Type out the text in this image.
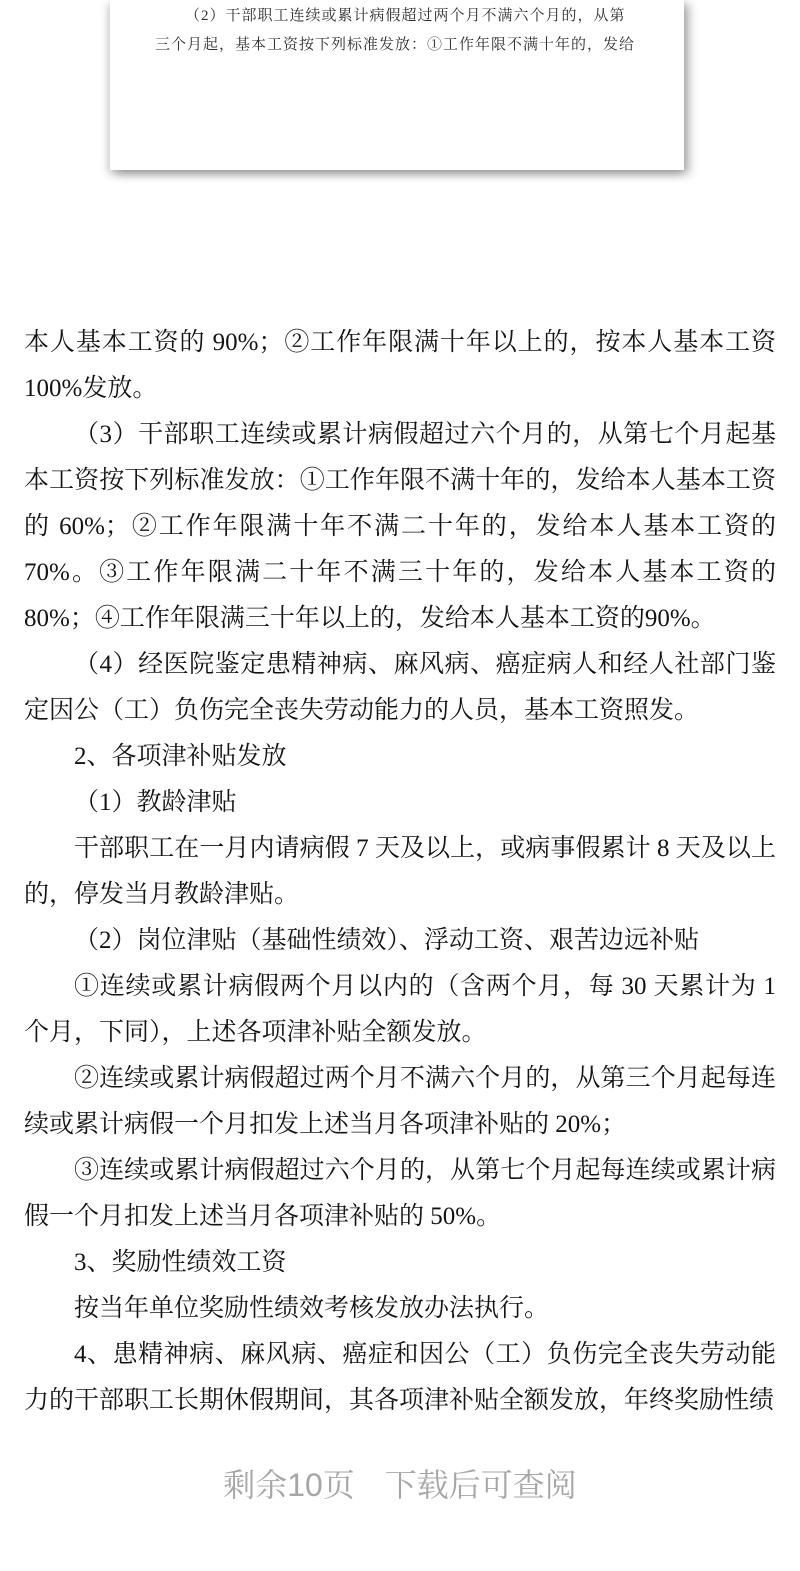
（2）干部职工连续或累计病假超过两个月不满六个月的，从第
三个月起，基本工资按下列标准发放：①工作年限不满十年的，发给

本人基本工资的 90%；②工作年限满十年以上的，按本人基本工资100%发放。

（3）干部职工连续或累计病假超过六个月的，从第七个月起基本工资按下列标准发放：①工作年限不满十年的，发给本人基本工资的 60%；②工作年限满十年不满二十年的，发给本人基本工资的 70%。③工作年限满二十年不满三十年的，发给本人基本工资的 80%；④工作年限满三十年以上的，发给本人基本工资的90%。

（4）经医院鉴定患精神病、麻风病、癌症病人和经人社部门鉴定因公（工）负伤完全丧失劳动能力的人员，基本工资照发。

2、各项津补贴发放

（1）教龄津贴

干部职工在一月内请病假 7 天及以上，或病事假累计 8 天及以上的，停发当月教龄津贴。

（2）岗位津贴（基础性绩效）、浮动工资、艰苦边远补贴

①连续或累计病假两个月以内的（含两个月，每 30 天累计为 1 个月，下同），上述各项津补贴全额发放。

②连续或累计病假超过两个月不满六个月的，从第三个月起每连续或累计病假一个月扣发上述当月各项津补贴的 20%；

③连续或累计病假超过六个月的，从第七个月起每连续或累计病假一个月扣发上述当月各项津补贴的 50%。

3、奖励性绩效工资

按当年单位奖励性绩效考核发放办法执行。

4、患精神病、麻风病、癌症和因公（工）负伤完全丧失劳动能力的干部职工长期休假期间，其各项津补贴全额发放，年终奖励性绩

剩余10页 下载后可查阅
